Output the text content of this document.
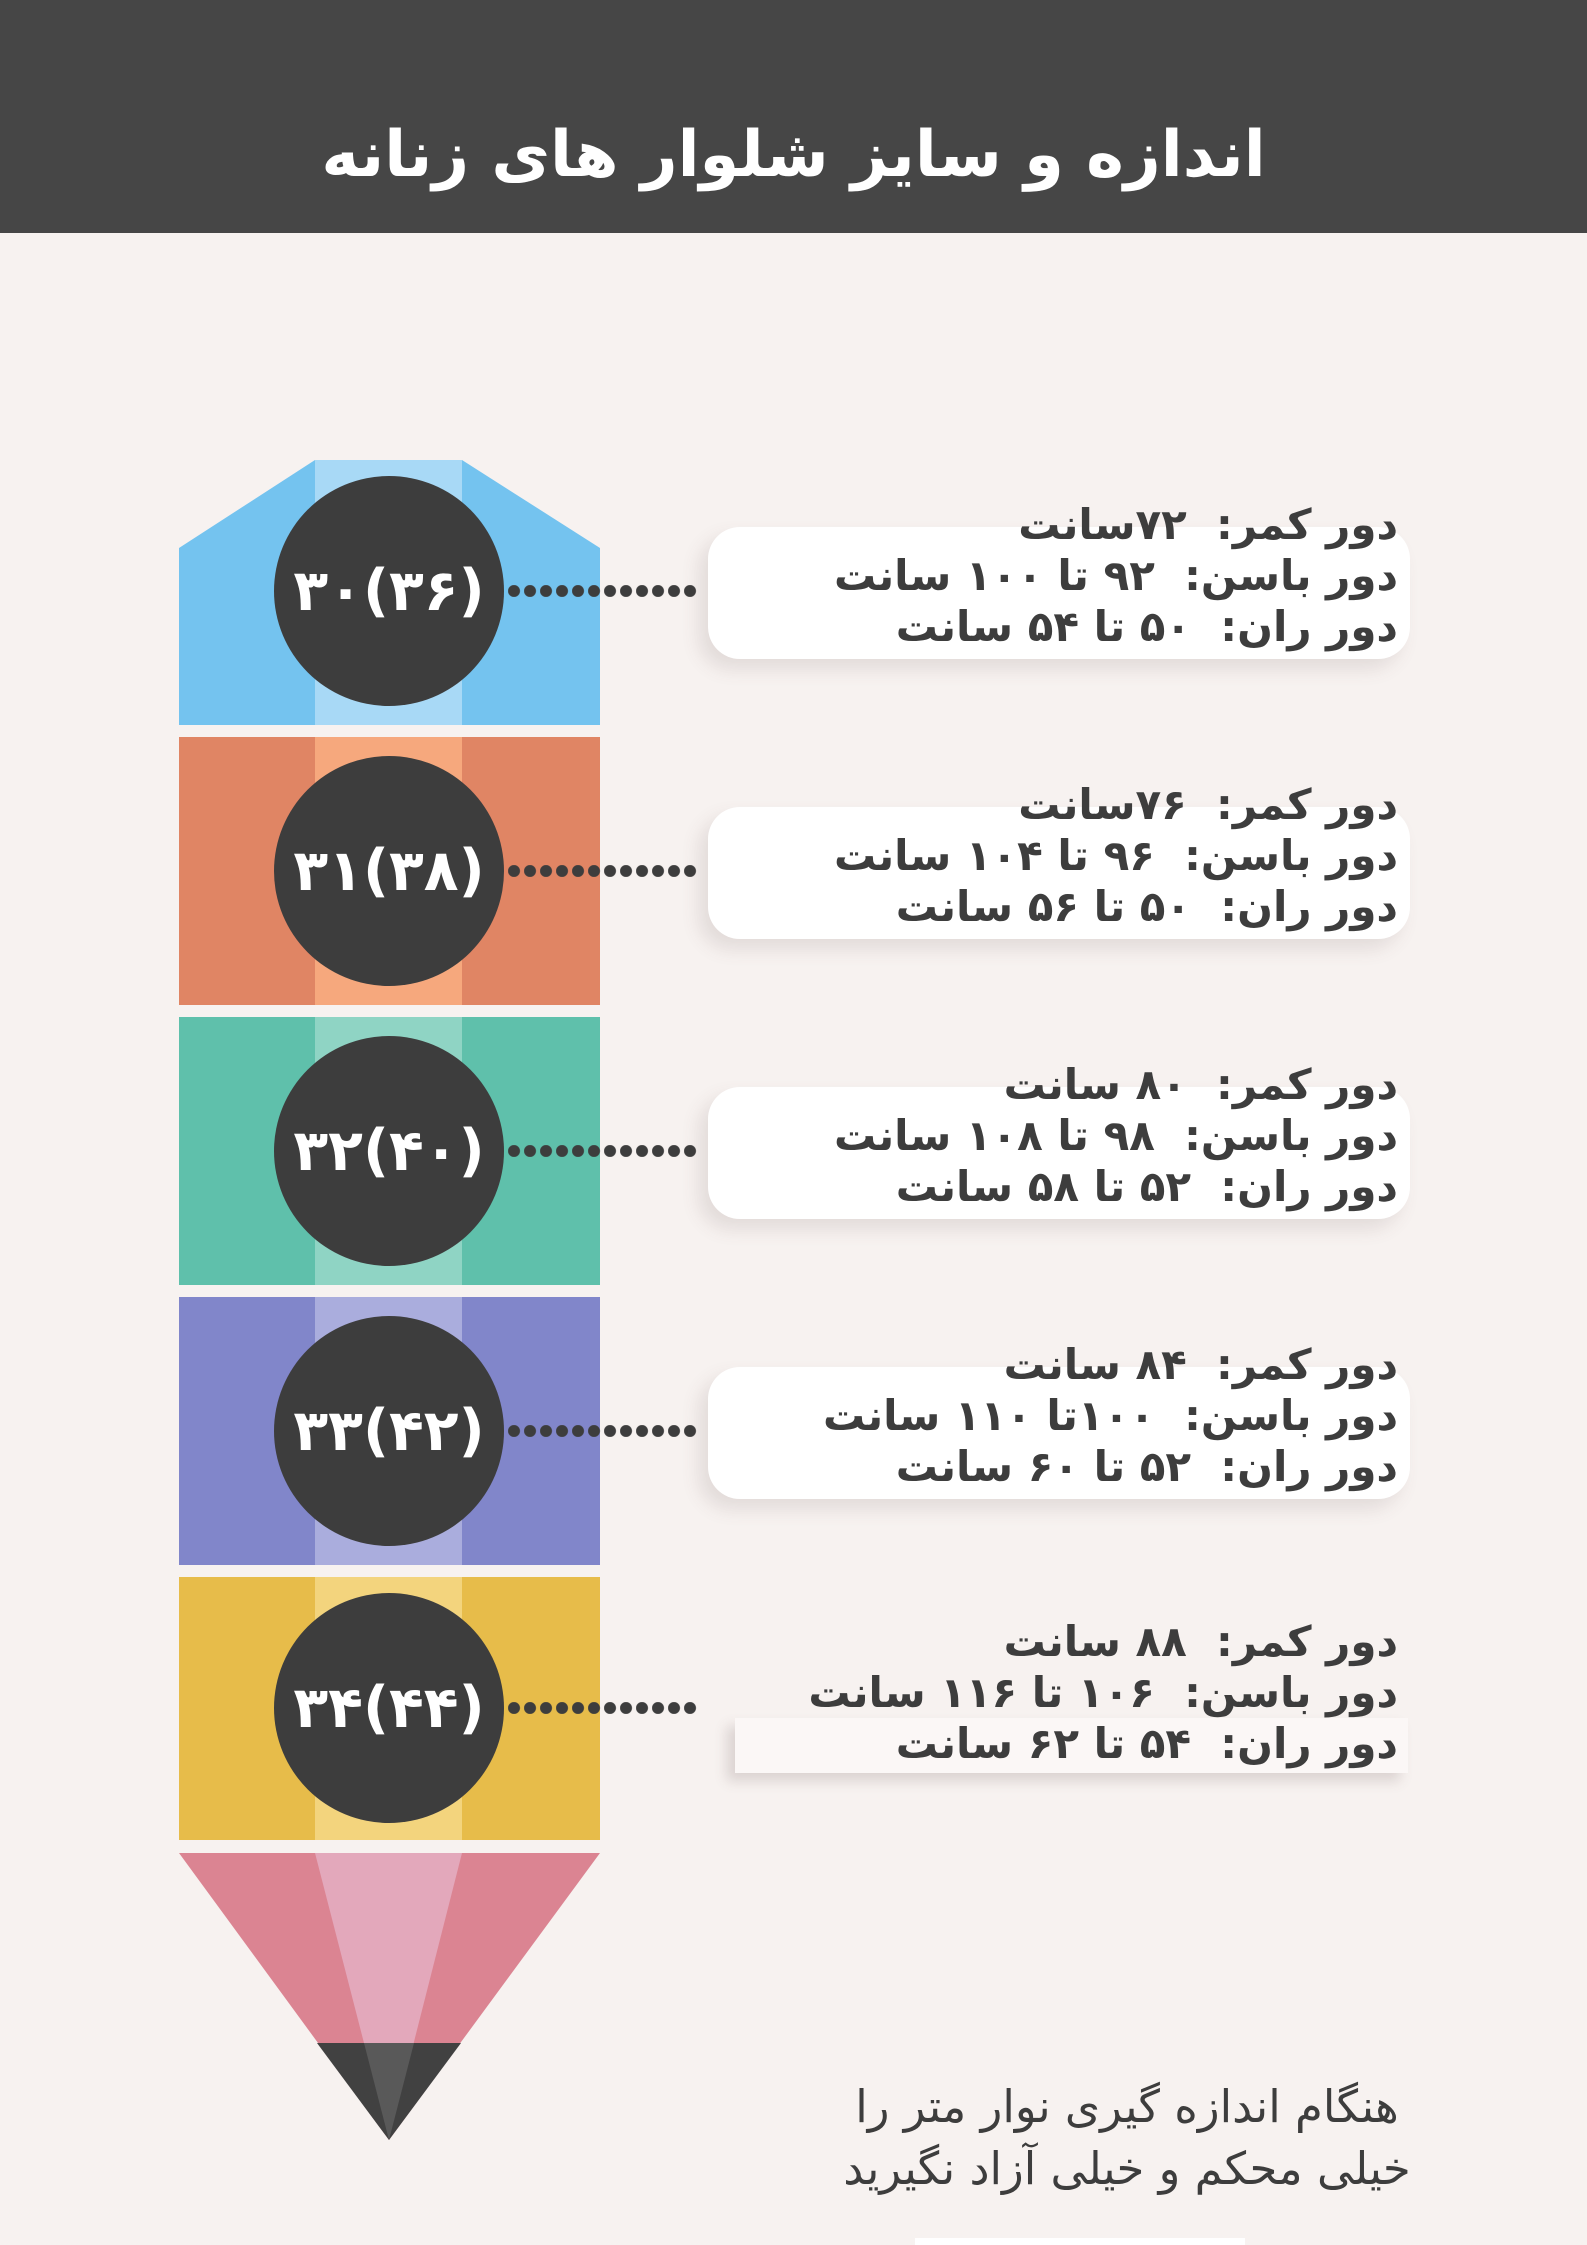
اندازه و سایز شلوار های زنانه
دور کمر:  ۷۲سانت
دور باسن:  ۹۲ تا ۱۰۰ سانت
دور ران:  ۵۰ تا ۵۴ سانت
۳۰(۳۶)
دور کمر:  ۷۶سانت
دور باسن:  ۹۶ تا ۱۰۴ سانت
دور ران:  ۵۰ تا ۵۶ سانت
۳۱(۳۸)
دور کمر:  ۸۰ سانت
دور باسن:  ۹۸ تا ۱۰۸ سانت
دور ران:  ۵۲ تا ۵۸ سانت
۳۲(۴۰)
دور کمر:  ۸۴ سانت
دور باسن:  ۱۰۰تا ۱۱۰ سانت
دور ران:  ۵۲ تا ۶۰ سانت
۳۳(۴۲)
دور کمر:  ۸۸ سانت
دور باسن:  ۱۰۶ تا ۱۱۶ سانت
دور ران:  ۵۴ تا ۶۲ سانت
۳۴(۴۴)
هنگام اندازه گیری نوار متر را
خیلی محکم و خیلی آزاد نگیرید
